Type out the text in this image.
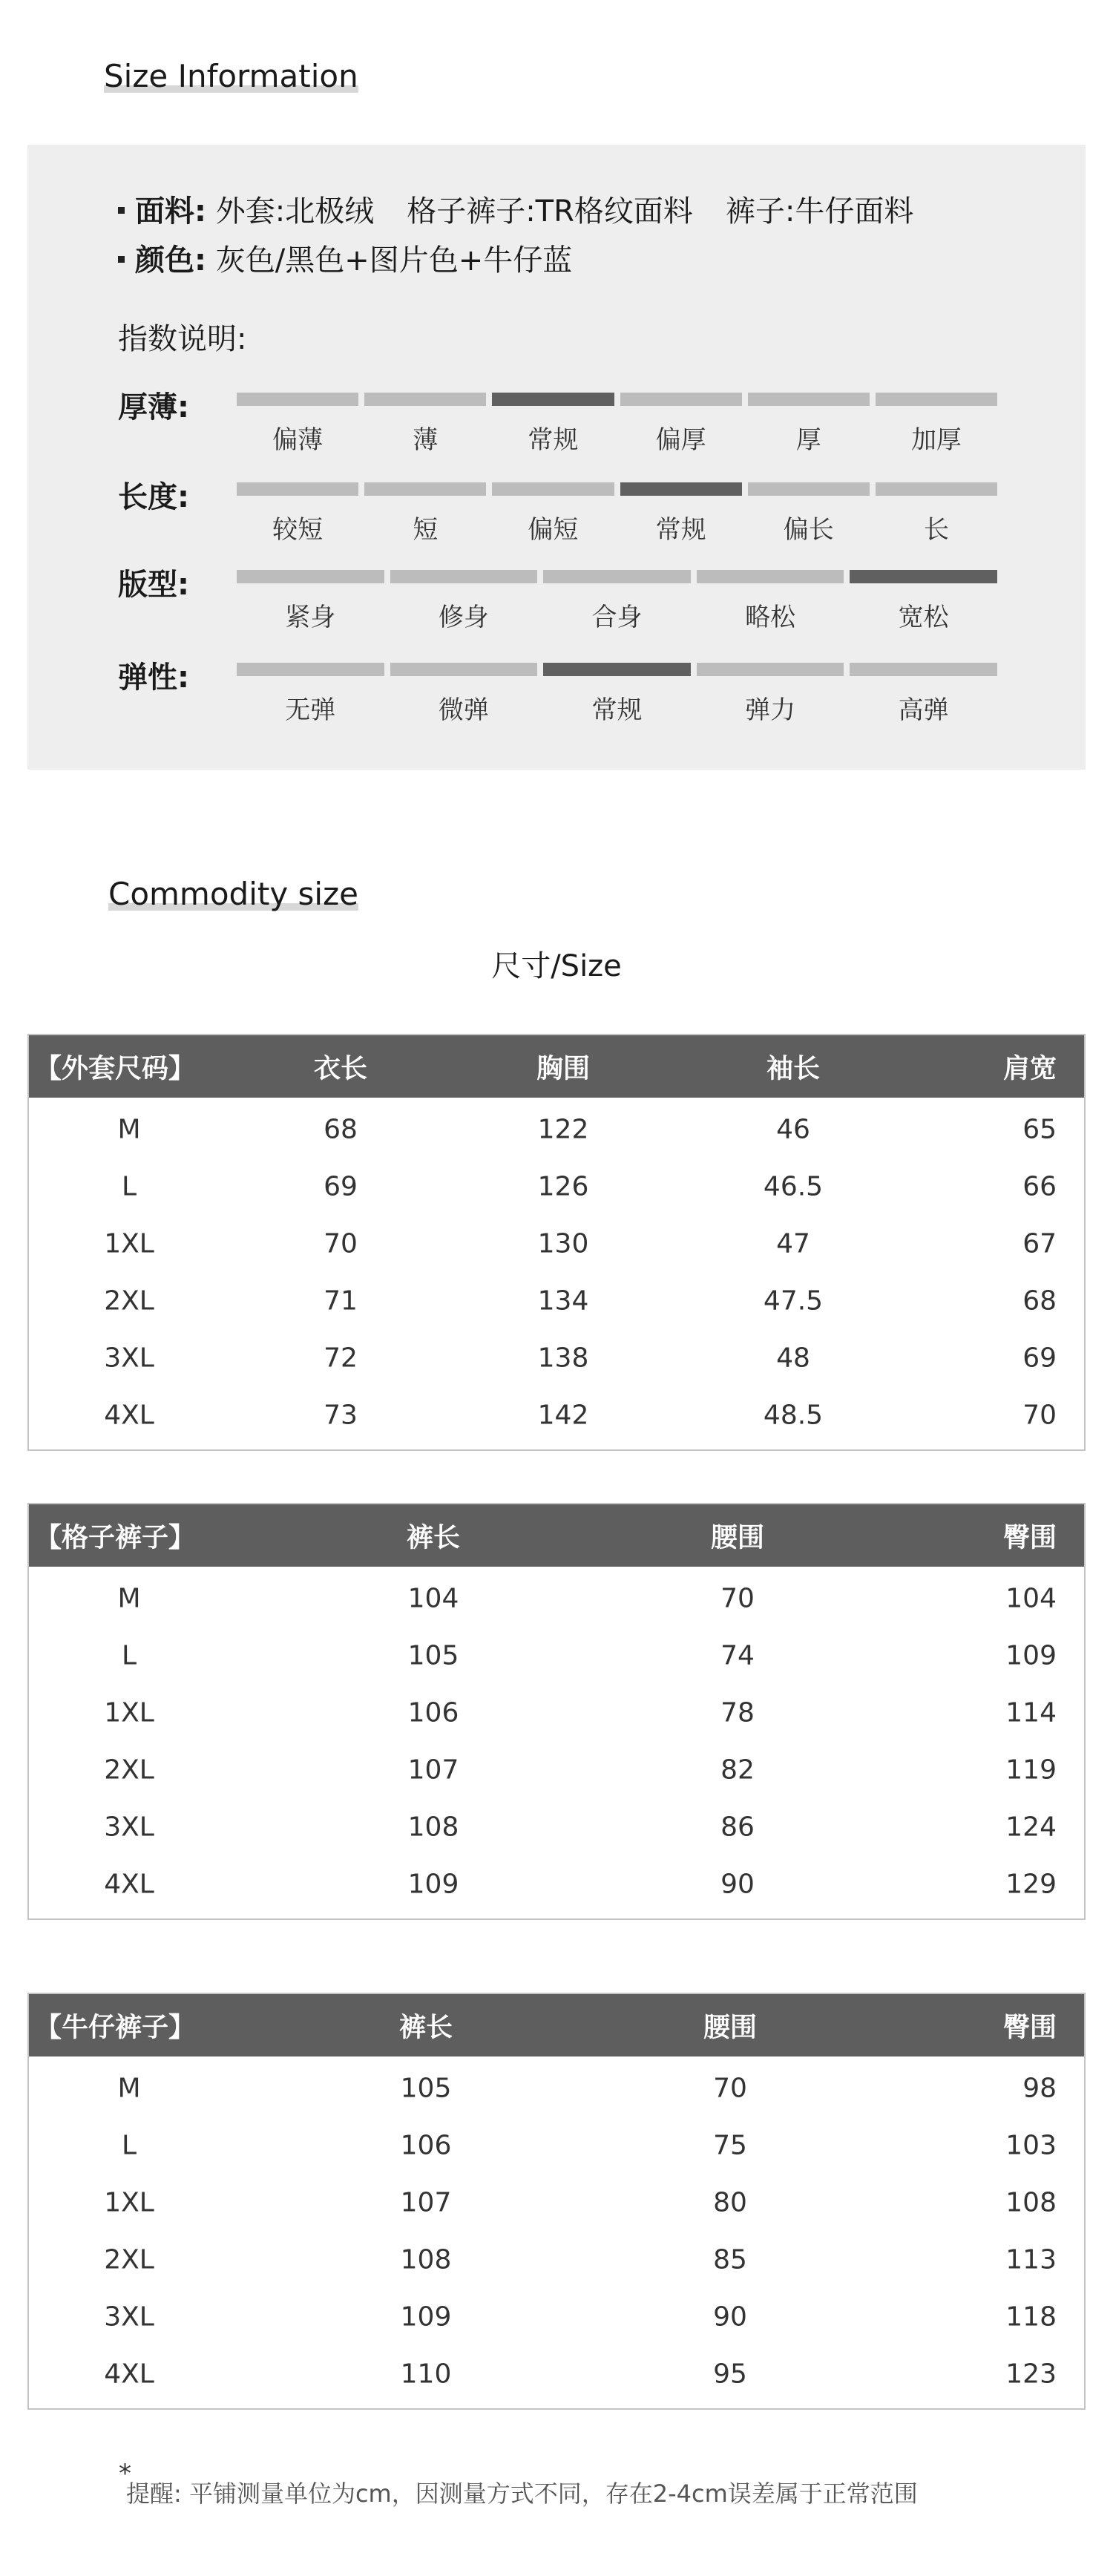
Size Information
面料: 外套:北极绒 格子裤子:TR格纹面料 裤子:牛仔面料
颜色: 灰色/黑色+图片色+牛仔蓝
指数说明:
厚薄:
偏薄	薄	常规	偏厚	厚	加厚
长度:
较短	短	偏短	常规	偏长	长
版型:
紧身	修身	合身	略松	宽松
弹性:
无弹	微弹	常规	弹力	高弹
Commodity size
尺寸/Size
【外套尺码】	衣长	胸围	袖长	肩宽
M	68	122	46	65
L	69	126	46.5	66
1XL	70	130	47	67
2XL	71	134	47.5	68
3XL	72	138	48	69
4XL	73	142	48.5	70
【格子裤子】	裤长	腰围	臀围
M	104	70	104
L	105	74	109
1XL	106	78	114
2XL	107	82	119
3XL	108	86	124
4XL	109	90	129
【牛仔裤子】	裤长	腰围	臀围
M	105	70	98
L	106	75	103
1XL	107	80	108
2XL	108	85	113
3XL	109	90	118
4XL	110	95	123
*
提醒: 平铺测量单位为cm，因测量方式不同，存在2-4cm误差属于正常范围
